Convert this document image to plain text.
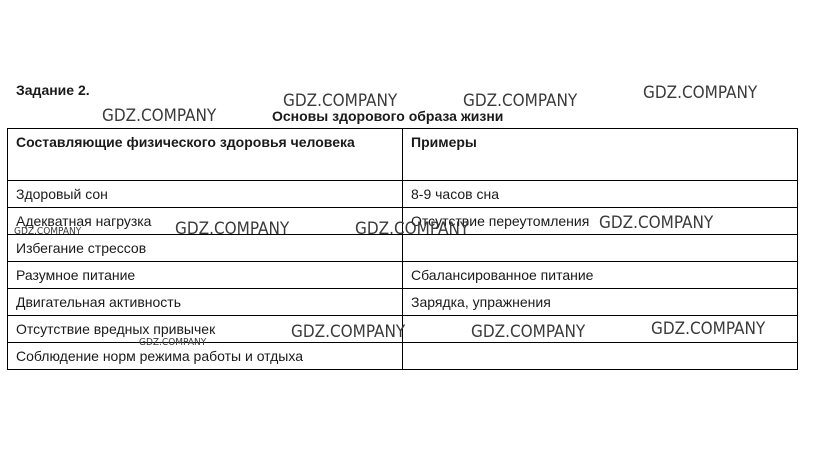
Задание 2.
Основы здорового образа жизни
Составляющие физического здоровья человека	Примеры
Здоровый сон	8-9 часов сна
Адекватная нагрузка	Отсутствие переутомления
Избегание стрессов	
Разумное питание	Сбалансированное питание
Двигательная активность	Зарядка, упражнения
Отсутствие вредных привычек	
Соблюдение норм режима работы и отдыха	
GDZ.COMPANY
GDZ.COMPANY	GDZ.COMPANY	GDZ.COMPANY
GDZ.COMPANY	GDZ.COMPANY	GDZ.COMPANY
GDZ.COMPANY
GDZ.COMPANY	GDZ.COMPANY	GDZ.COMPANY
GDZ.COMPANY
